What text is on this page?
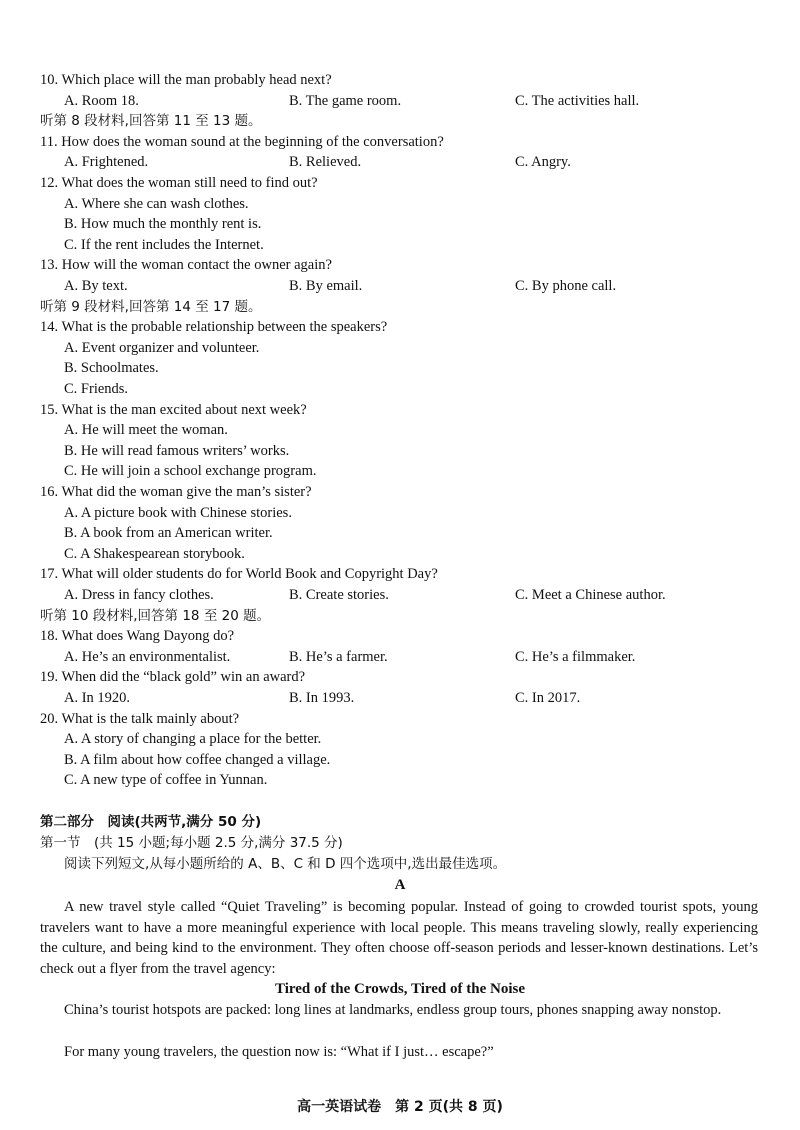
10. Which place will the man probably head next?
A. Room 18.	B. The game room.	C. The activities hall.
听第 8 段材料,回答第 11 至 13 题。
11. How does the woman sound at the beginning of the conversation?
A. Frightened.	B. Relieved.	C. Angry.
12. What does the woman still need to find out?
A. Where she can wash clothes.
B. How much the monthly rent is.
C. If the rent includes the Internet.
13. How will the woman contact the owner again?
A. By text.	B. By email.	C. By phone call.
听第 9 段材料,回答第 14 至 17 题。
14. What is the probable relationship between the speakers?
A. Event organizer and volunteer.
B. Schoolmates.
C. Friends.
15. What is the man excited about next week?
A. He will meet the woman.
B. He will read famous writers’ works.
C. He will join a school exchange program.
16. What did the woman give the man’s sister?
A. A picture book with Chinese stories.
B. A book from an American writer.
C. A Shakespearean storybook.
17. What will older students do for World Book and Copyright Day?
A. Dress in fancy clothes.	B. Create stories.	C. Meet a Chinese author.
听第 10 段材料,回答第 18 至 20 题。
18. What does Wang Dayong do?
A. He’s an environmentalist.	B. He’s a farmer.	C. He’s a filmmaker.
19. When did the “black gold” win an award?
A. In 1920.	B. In 1993.	C. In 2017.
20. What is the talk mainly about?
A. A story of changing a place for the better.
B. A film about how coffee changed a village.
C. A new type of coffee in Yunnan.
第二部分　阅读(共两节,满分 50 分)
第一节　(共 15 小题;每小题 2.5 分,满分 37.5 分)
阅读下列短文,从每小题所给的 A、B、C 和 D 四个选项中,选出最佳选项。
A
A new travel style called “Quiet Traveling” is becoming popular. Instead of going to crowded tourist spots, young travelers want to have a more meaningful experience with local people. This means traveling slowly, really experiencing the culture, and being kind to the environment. They often choose off-season periods and lesser-known destinations. Let’s check out a flyer from the travel agency:
Tired of the Crowds, Tired of the Noise
China’s tourist hotspots are packed: long lines at landmarks, endless group tours, phones snapping away nonstop.
For many young travelers, the question now is: “What if I just… escape?”
高一英语试卷　第 2 页(共 8 页)
